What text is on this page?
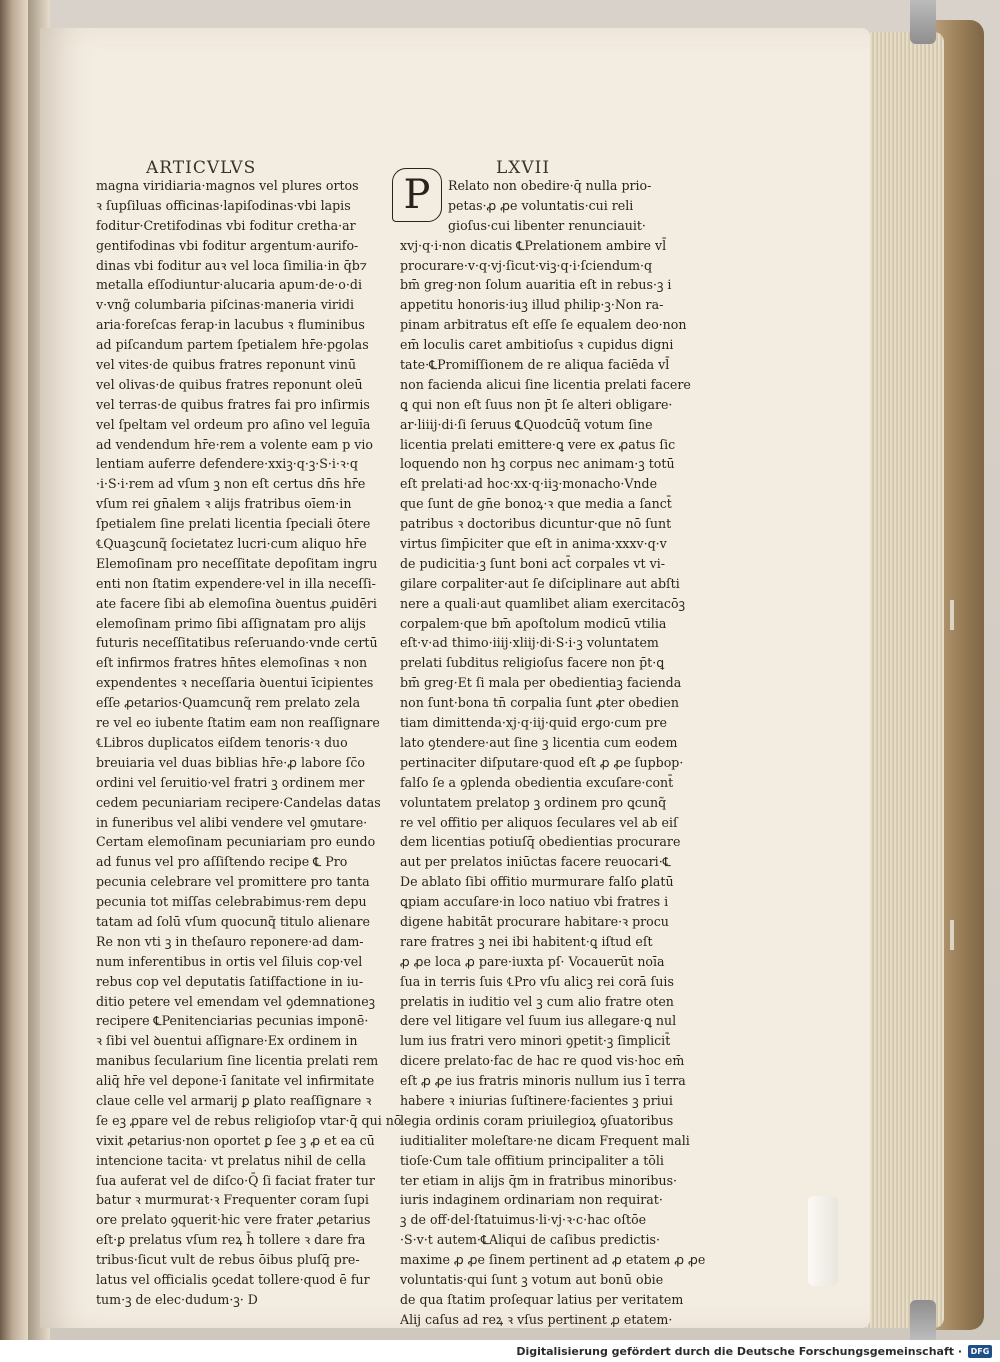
ARTICVLVS	LXVII
magna viridiaria·magnos vel plures ortos
ꝛ ſupſiluas officinas·lapiſodinas·vbi lapis
foditur·Cretifodinas vbi foditur cretha·ar
gentifodinas vbi foditur argentum·aurifo-
dinas vbi foditur auꝛ vel loca ſimilia·in q̄b⁊
metalla eſſodiuntur·alucaria apum·de·o·di
v·vng̃ columbaria piſcinas·maneria viridi
aria·foreſcas ferap·in lacubus ꝛ fluminibus
ad piſcandum partem ſpetialem hr̄e·pgolas
vel vites·de quibus fratres reponunt vinū
vel olivas·de quibus fratres reponunt oleū
vel terras·de quibus fratres fai pro inſirmis
vel ſpeltam vel ordeum pro aſino vel leguīa
ad vendendum hr̄e·rem a volente eam p vio
lentiam auferre defendere·xxiꝫ·q·ꝫ·S·i·ꝛ·q
·i·S·i·rem ad vſum ꝫ non eſt certus dn̄s hr̄e
vſum rei gn̄alem ꝛ alijs fratribus oīem·in
ſpetialem ſine prelati licentia ſpeciali ōtere
℄Quaꝫcunq̃ ſocietatez lucri·cum aliquo hr̄e
Elemoſinam pro neceſſitate depoſitam ingru
enti non ſtatim expendere·vel in illa neceſſi-
ate facere ſibi ab elemoſina ꝺuentus ꝓuidēri
elemoſinam primo ſibi aſſignatam pro alijs
futuris neceſſitatibus reſeruando·vnde certū
eſt infirmos fratres hn̄tes elemoſinas ꝛ non
expendentes ꝛ neceſſaria ꝺuentui īcipientes
eſſe ꝓetarios·Quamcunq̃ rem prelato zela
re vel eo iubente ſtatim eam non reaſſignare
℄Libros duplicatos eiſdem tenoris·ꝛ duo
breuiaria vel duas biblias hr̄e·ꝓ labore ſc̄o
ordini vel ſeruitio·vel fratri ꝫ ordinem mer
cedem pecuniariam recipere·Candelas datas
in funeribus vel alibi vendere vel ꝯmutare·
Certam elemoſinam pecuniariam pro eundo
ad funus vel pro aſſiſtendo recipe ℄ Pro
pecunia celebrare vel promittere pro tanta
pecunia tot miſſas celebrabimus·rem depu
tatam ad ſolū vſum quocunq̃ titulo alienare
Re non vti ꝫ in theſauro reponere·ad dam-
num inferentibus in ortis vel ſiluis cop·vel
rebus cop vel deputatis ſatiſfactione in iu-
ditio petere vel emendam vel ꝯdemnationeꝫ
recipere ℄Penitenciarias pecunias imponē·
ꝛ ſibi vel ꝺuentui aſſignare·Ex ordinem in
manibus ſecularium ſine licentia prelati rem
aliq̄ hr̄e vel depone·ī ſanitate vel infirmitate
claue celle vel armarij ꝑ ꝑlato reaſſignare ꝛ
ſe eꝫ ꝓpare vel de rebus religioſop vtar·q̄ qui nō
vixit ꝓetarius·non oportet ꝑ ſee ꝫ ꝓ et ea cū
intencione tacita· vt prelatus nihil de cella
ſua auferat vel de diſco·Q̄ ſi faciat frater tur
batur ꝛ murmurat·ꝛ Frequenter coram ſupi
ore prelato ꝯquerit·hic vere frater ꝓetarius
eſt·ꝑ prelatus vſum reꝝ h̄ tollere ꝛ dare fra
tribus·ſicut vult de rebus ōibus pluſq̄ pre-
latus vel officialis ꝯcedat tollere·quod ē fur
tum·ꝫ de elec·dudum·ꝫ· D
P	Relato non obedire·q̄ nulla prio-
petas·ꝓ ꝓe voluntatis·cui reli
gioſus·cui libenter renunciauit·
xvj·q·i·non dicatis ℄Prelationem ambire vl̄
procurare·v·q·vj·ſicut·viꝫ·q·i·ſciendum·q
bm̄ greg·non ſolum auaritia eſt in rebus·ꝫ i
appetitu honoris·iuꝫ illud philip·ꝫ·Non ra-
pinam arbitratus eſt eſſe ſe equalem deo·non
em̄ loculis caret ambitioſus ꝛ cupidus digni
tate·℄Promiſſionem de re aliqua faciēda vl̄
non facienda alicui ſine licentia prelati facere
ꝗ qui non eſt ſuus non p̄t ſe alteri obligare·
ar·liiij·di·ſi ſeruus ℄Quodcūq̃ votum ſine
licentia prelati emittere·ꝗ vere ex ꝓatus ſic
loquendo non hꝫ corpus nec animam·ꝫ totū
eſt prelati·ad hoc·xx·q·iiꝫ·monacho·Vnde
que ſunt de gn̄e bonoꝝ·ꝛ que media a ſanct̄
patribus ꝛ doctoribus dicuntur·que nō ſunt
virtus ſimp̄iciter que eſt in anima·xxxv·q·v
de pudicitia·ꝫ ſunt boni act̄ corpales vt vi-
gilare corpaliter·aut ſe diſciplinare aut abſti
nere a quali·aut quamlibet aliam exercitacōꝫ
corpalem·que bm̄ apoſtolum modicū vtilia
eſt·v·ad thimo·iiij·xliij·di·S·i·ꝫ voluntatem
prelati ſubditus religioſus facere non p̄t·ꝗ
bm̄ greg·Et ſi mala per obedientiaꝫ facienda
non ſunt·bona tn̄ corpalia ſunt ꝓter obedien
tiam dimittenda·xj·q·iij·quid ergo·cum pre
lato ꝯtendere·aut ſine ꝫ licentia cum eodem
pertinaciter diſputare·quod eſt ꝓ ꝓe ſupbop·
falſo ſe a ꝯplenda obedientia excuſare·cont̄
voluntatem prelatop ꝫ ordinem pro ꝗcunq̃
re vel offitio per aliquos ſeculares vel ab eiſ
dem licentias potiuſq̄ obedientias procurare
aut per prelatos iniūctas facere reuocari·℄
De ablato ſibi offitio murmurare falſo ꝑlatū
ꝗpiam accuſare·in loco natiuo vbi fratres i
digene habitāt procurare habitare·ꝛ procu
rare fratres ꝫ nei ibi habitent·ꝗ iſtud eſt
ꝓ ꝓe loca ꝓ pare·iuxta pſ· Vocauerūt noīa
ſua in terris ſuis ℄Pro vſu alicꝫ rei corā ſuis
prelatis in iuditio vel ꝫ cum alio fratre oten
dere vel litigare vel ſuum ius allegare·ꝗ nul
lum ius fratri vero minori ꝯpetit·ꝫ ſimplicit̄
dicere prelato·fac de hac re quod vis·hoc em̄
eſt ꝓ ꝓe ius fratris minoris nullum ius ī terra
habere ꝛ iniurias ſuſtinere·facientes ꝫ priui
legia ordinis coram priuilegioꝝ ꝯſuatoribus
iuditialiter moleſtare·ne dicam Frequent mali
tioſe·Cum tale offitium principaliter a tōli
ter etiam in alijs q̄m in fratribus minoribus·
iuris indaginem ordinariam non requirat·
ꝫ de off·del·ſtatuimus·li·vj·ꝛ·c·hac oſtōe
·S·v·t autem·℄Aliqui de caſibus predictis·
maxime ꝓ ꝓe ſinem pertinent ad ꝓ etatem ꝓ ꝓe
voluntatis·qui ſunt ꝫ votum aut bonū obie
de qua ſtatim proſequar latius per veritatem
Alij caſus ad reꝝ ꝛ vſus pertinent ꝓ etatem·
Digitalisierung gefördert durch die Deutsche Forschungsgemeinschaft ·	DFG
